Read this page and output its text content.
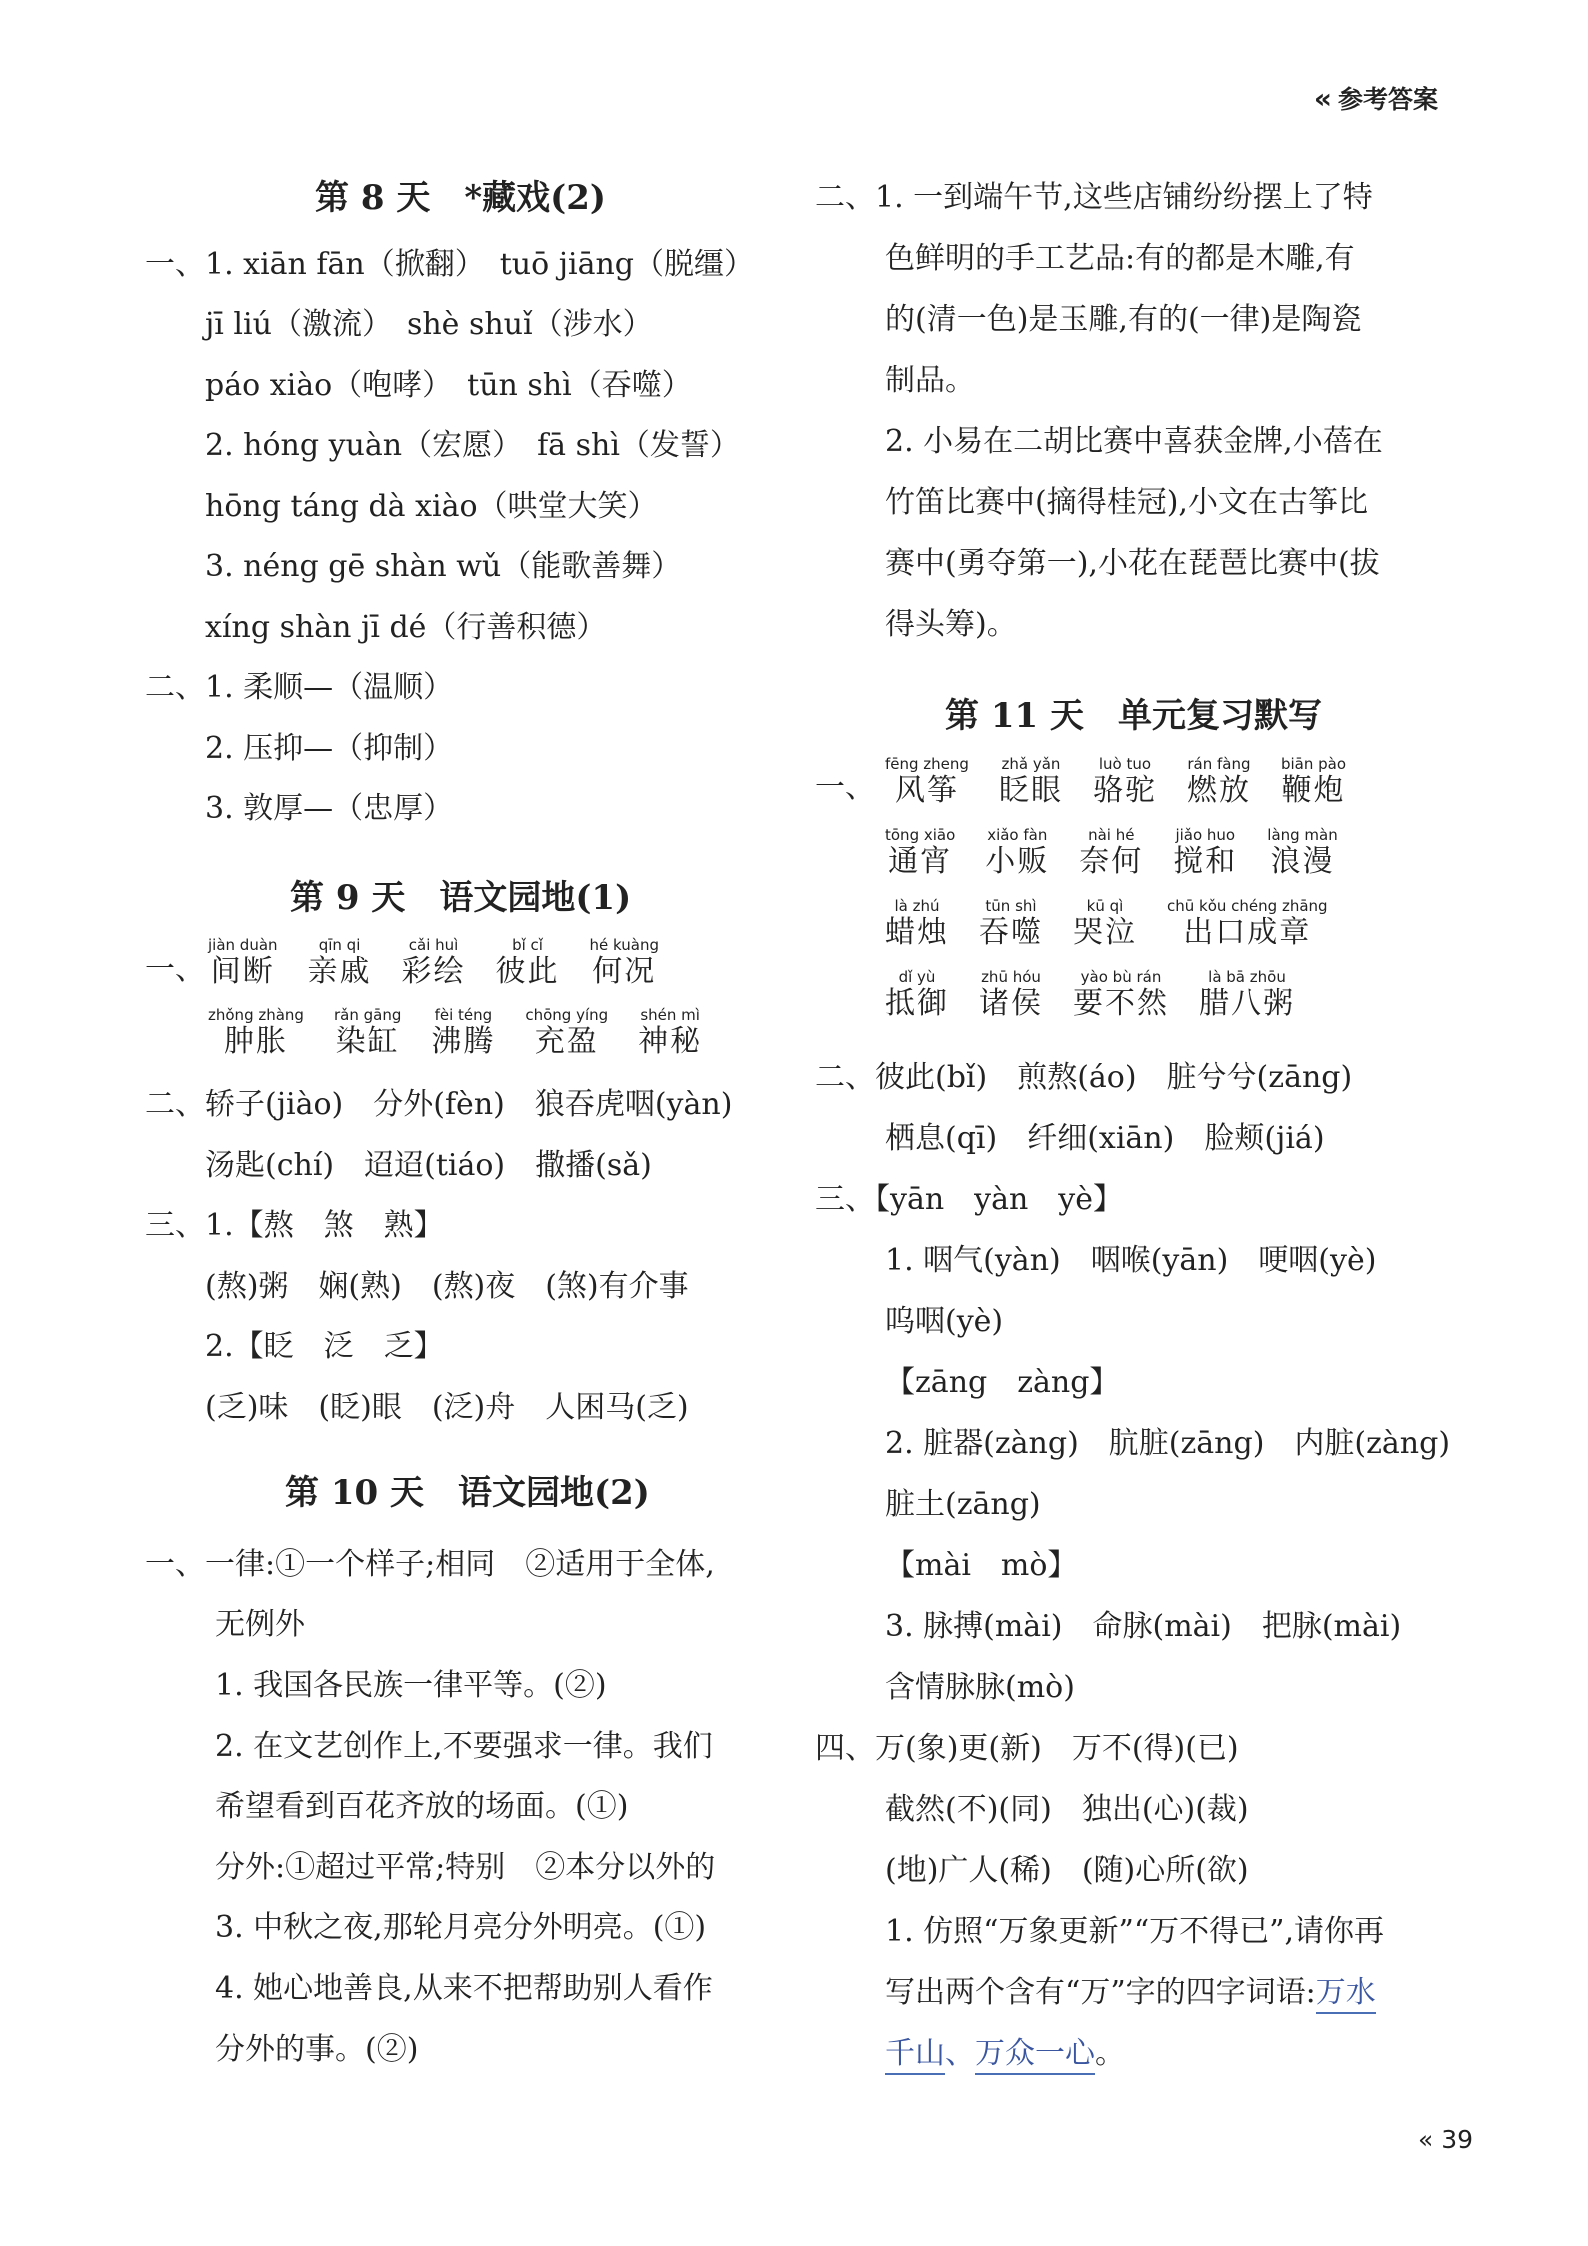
« 参考答案
第 8 天　*藏戏(2)
一、1. xiān fān（掀翻）　tuō jiāng（脱缰）
jī liú（激流）　shè shuǐ（涉水）
páo xiào（咆哮）　tūn shì（吞噬）
2. hóng yuàn（宏愿）　fā shì（发誓）
hōng táng dà xiào（哄堂大笑）
3. néng gē shàn wǔ（能歌善舞）
xíng shàn jī dé（行善积德）
二、1. 柔顺—（温顺）
2. 压抑—（抑制）
3. 敦厚—（忠厚）
第 9 天　语文园地(1)
一、
jiàn duàn
间断
qīn qi
亲戚
cǎi huì
彩绘
bǐ cǐ
彼此
hé kuàng
何况
zhǒng zhàng
肿胀
rǎn gāng
染缸
fèi téng
沸腾
chōng yíng
充盈
shén mì
神秘
二、轿子(jiào)　分外(fèn)　狼吞虎咽(yàn)
汤匙(chí)　迢迢(tiáo)　撒播(sǎ)
三、1.【熬　煞　熟】
(熬)粥　娴(熟)　(熬)夜　(煞)有介事
2.【眨　泛　乏】
(乏)味　(眨)眼　(泛)舟　人困马(乏)
第 10 天　语文园地(2)
一、一律:①一个样子;相同　②适用于全体,
无例外
1. 我国各民族一律平等。(②)
2. 在文艺创作上,不要强求一律。我们
希望看到百花齐放的场面。(①)
分外:①超过平常;特别　②本分以外的
3. 中秋之夜,那轮月亮分外明亮。(①)
4. 她心地善良,从来不把帮助别人看作
分外的事。(②)
二、1. 一到端午节,这些店铺纷纷摆上了特
色鲜明的手工艺品:有的都是木雕,有
的(清一色)是玉雕,有的(一律)是陶瓷
制品。
2. 小易在二胡比赛中喜获金牌,小蓓在
竹笛比赛中(摘得桂冠),小文在古筝比
赛中(勇夺第一),小花在琵琶比赛中(拔
得头筹)。
第 11 天　单元复习默写
一、
fēng zheng
风筝
zhǎ yǎn
眨眼
luò tuo
骆驼
rán fàng
燃放
biān pào
鞭炮
tōng xiāo
通宵
xiǎo fàn
小贩
nài hé
奈何
jiǎo huo
搅和
làng màn
浪漫
là zhú
蜡烛
tūn shì
吞噬
kū qì
哭泣
chū kǒu chéng zhāng
出口成章
dǐ yù
抵御
zhū hóu
诸侯
yào bù rán
要不然
là bā zhōu
腊八粥
二、彼此(bǐ)　煎熬(áo)　脏兮兮(zāng)
栖息(qī)　纤细(xiān)　脸颊(jiá)
三、【yān　yàn　yè】
1. 咽气(yàn)　咽喉(yān)　哽咽(yè)
呜咽(yè)
【zāng　zàng】
2. 脏器(zàng)　肮脏(zāng)　内脏(zàng)
脏土(zāng)
【mài　mò】
3. 脉搏(mài)　命脉(mài)　把脉(mài)
含情脉脉(mò)
四、万(象)更(新)　万不(得)(已)
截然(不)(同)　独出(心)(裁)
(地)广人(稀)　(随)心所(欲)
1. 仿照“万象更新”“万不得已”,请你再
写出两个含有“万”字的四字词语:万水
千山、万众一心。
« 39
